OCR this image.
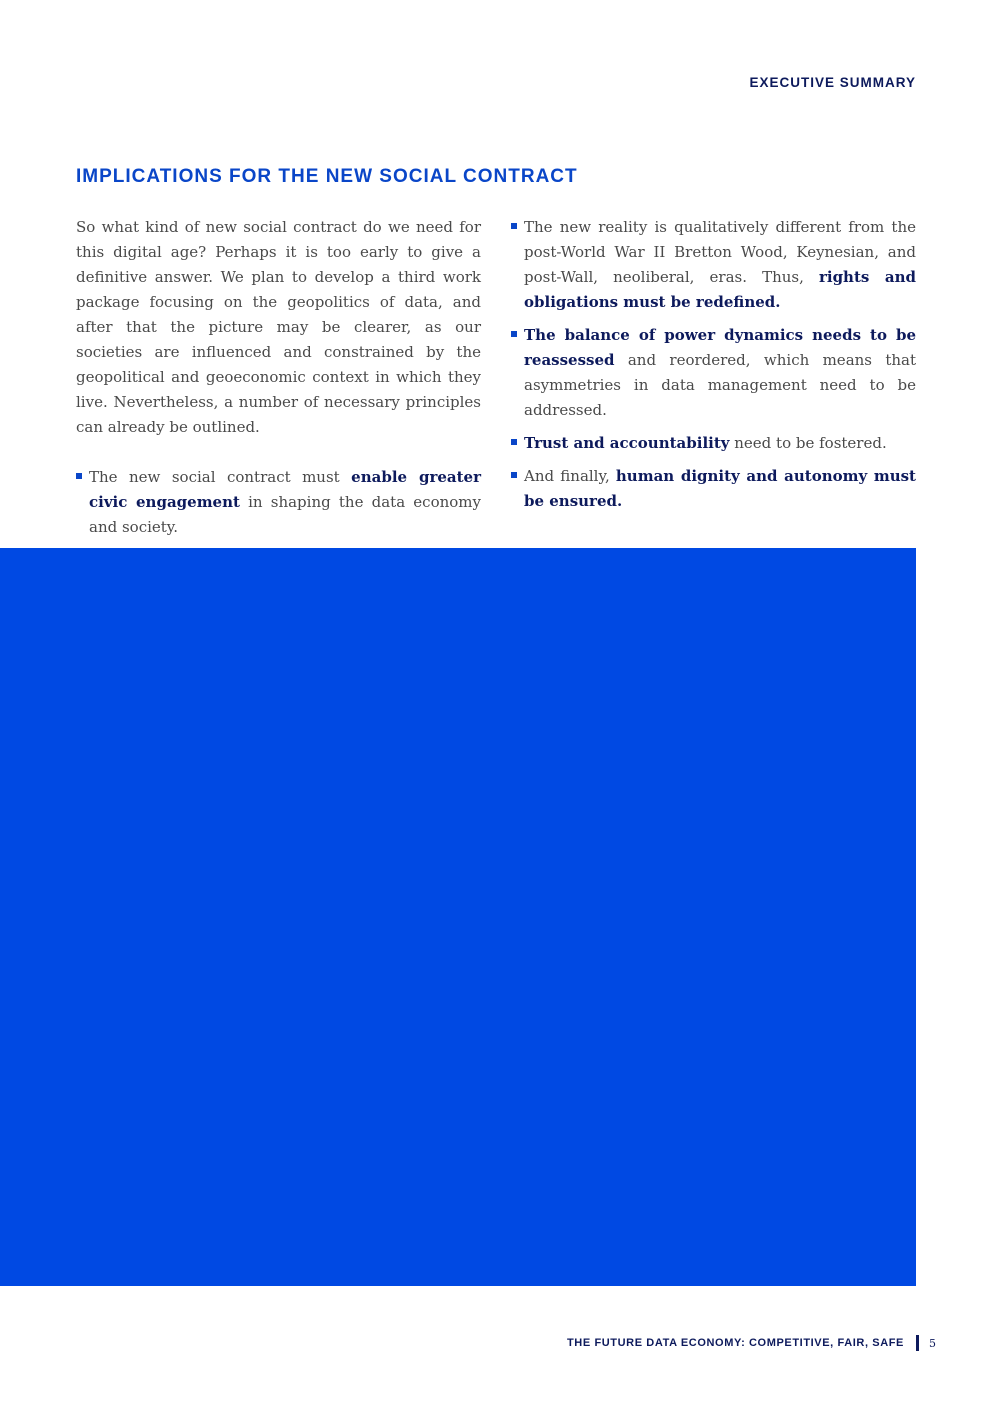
EXECUTIVE SUMMARY
IMPLICATIONS FOR THE NEW SOCIAL CONTRACT

So what kind of new social contract do we need for this digital age? Perhaps it is too early to give a definitive answer. We plan to develop a third work package focusing on the geopolitics of data, and after that the picture may be clearer, as our societies are influenced and constrained by the geopolitical and geoeconomic context in which they live. Nevertheless, a number of necessary principles can already be outlined.

The new social contract must enable greater civic engagement in shaping the data economy and society.
The new reality is qualitatively different from the post-World War II Bretton Wood, Keynesian, and post-Wall, neoliberal, eras. Thus, rights and obligations must be redefined.
The balance of power dynamics needs to be reassessed and reordered, which means that asymmetries in data management need to be addressed.
Trust and accountability need to be fostered.
And finally, human dignity and autonomy must be ensured.
THE FUTURE DATA ECONOMY: COMPETITIVE, FAIR, SAFE 5
